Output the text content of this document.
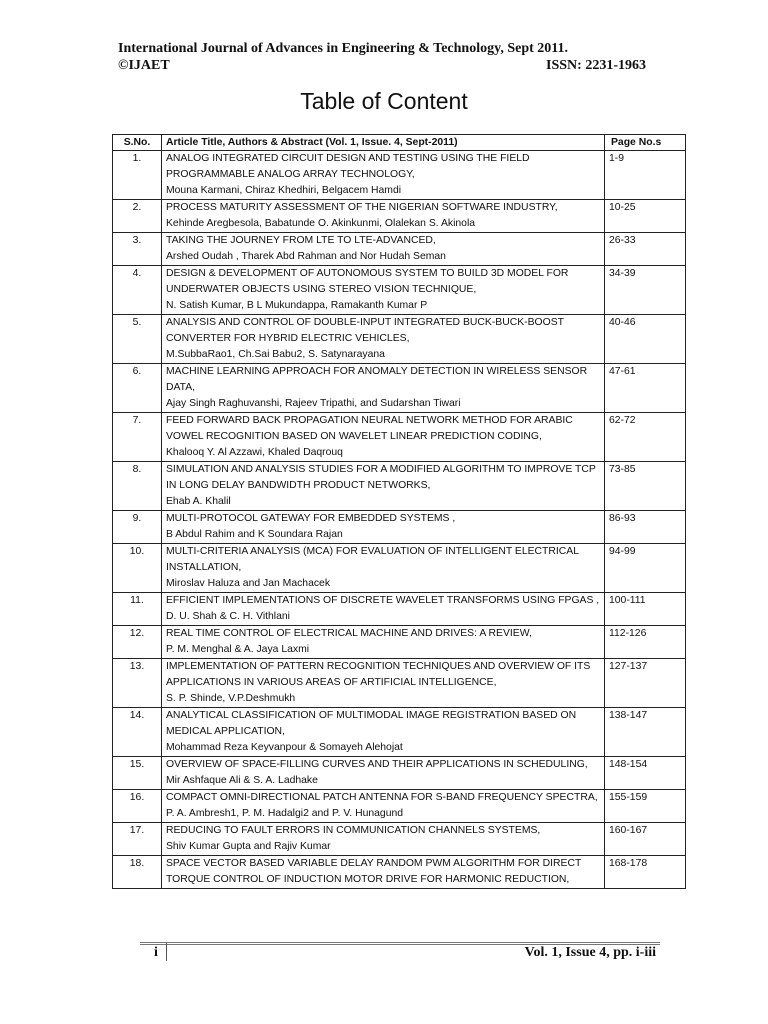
International Journal of Advances in Engineering & Technology, Sept 2011.
©IJAET	ISSN: 2231-1963
Table of Content
S.No.	Article Title, Authors & Abstract (Vol. 1, Issue. 4, Sept-2011)	Page No.s
1.	ANALOG INTEGRATED CIRCUIT DESIGN AND TESTING USING THE FIELD PROGRAMMABLE ANALOG ARRAY TECHNOLOGY,
Mouna Karmani, Chiraz Khedhiri, Belgacem Hamdi	1-9
2.	PROCESS MATURITY ASSESSMENT OF THE NIGERIAN SOFTWARE INDUSTRY,
Kehinde Aregbesola, Babatunde O. Akinkunmi, Olalekan S. Akinola	10-25
3.	TAKING THE JOURNEY FROM LTE TO LTE-ADVANCED,
Arshed Oudah , Tharek Abd Rahman and Nor Hudah Seman	26-33
4.	DESIGN & DEVELOPMENT OF AUTONOMOUS SYSTEM TO BUILD 3D MODEL FOR UNDERWATER OBJECTS USING STEREO VISION TECHNIQUE,
N. Satish Kumar, B L Mukundappa, Ramakanth Kumar P	34-39
5.	ANALYSIS AND CONTROL OF DOUBLE-INPUT INTEGRATED BUCK-BUCK-BOOST CONVERTER FOR HYBRID ELECTRIC VEHICLES,
M.SubbaRao1, Ch.Sai Babu2, S. Satynarayana	40-46
6.	MACHINE LEARNING APPROACH FOR ANOMALY DETECTION IN WIRELESS SENSOR DATA,
Ajay Singh Raghuvanshi, Rajeev Tripathi, and Sudarshan Tiwari	47-61
7.	FEED FORWARD BACK PROPAGATION NEURAL NETWORK METHOD FOR ARABIC VOWEL RECOGNITION BASED ON WAVELET LINEAR PREDICTION CODING,
Khalooq Y. Al Azzawi, Khaled Daqrouq	62-72
8.	SIMULATION AND ANALYSIS STUDIES FOR A MODIFIED ALGORITHM TO IMPROVE TCP IN LONG DELAY BANDWIDTH PRODUCT NETWORKS,
Ehab A. Khalil	73-85
9.	MULTI-PROTOCOL GATEWAY FOR EMBEDDED SYSTEMS ,
B Abdul Rahim and K Soundara Rajan	86-93
10.	MULTI-CRITERIA ANALYSIS (MCA) FOR EVALUATION OF INTELLIGENT ELECTRICAL INSTALLATION,
Miroslav Haluza and Jan Machacek	94-99
11.	EFFICIENT IMPLEMENTATIONS OF DISCRETE WAVELET TRANSFORMS USING FPGAS ,
D. U. Shah & C. H. Vithlani	100-111
12.	REAL TIME CONTROL OF ELECTRICAL MACHINE AND DRIVES: A REVIEW,
P. M. Menghal & A. Jaya Laxmi	112-126
13.	IMPLEMENTATION OF PATTERN RECOGNITION TECHNIQUES AND OVERVIEW OF ITS APPLICATIONS IN VARIOUS AREAS OF ARTIFICIAL INTELLIGENCE,
S. P. Shinde, V.P.Deshmukh	127-137
14.	ANALYTICAL CLASSIFICATION OF MULTIMODAL IMAGE REGISTRATION BASED ON MEDICAL APPLICATION,
Mohammad Reza Keyvanpour & Somayeh Alehojat	138-147
15.	OVERVIEW OF SPACE-FILLING CURVES AND THEIR APPLICATIONS IN SCHEDULING,
Mir Ashfaque Ali & S. A. Ladhake	148-154
16.	COMPACT OMNI-DIRECTIONAL PATCH ANTENNA FOR S-BAND FREQUENCY SPECTRA,
P. A. Ambresh1, P. M. Hadalgi2 and P. V. Hunagund	155-159
17.	REDUCING TO FAULT ERRORS IN COMMUNICATION CHANNELS SYSTEMS,
Shiv Kumar Gupta and Rajiv Kumar	160-167
18.	SPACE VECTOR BASED VARIABLE DELAY RANDOM PWM ALGORITHM FOR DIRECT TORQUE CONTROL OF INDUCTION MOTOR DRIVE FOR HARMONIC REDUCTION,	168-178
i	Vol. 1, Issue 4, pp. i-iii
